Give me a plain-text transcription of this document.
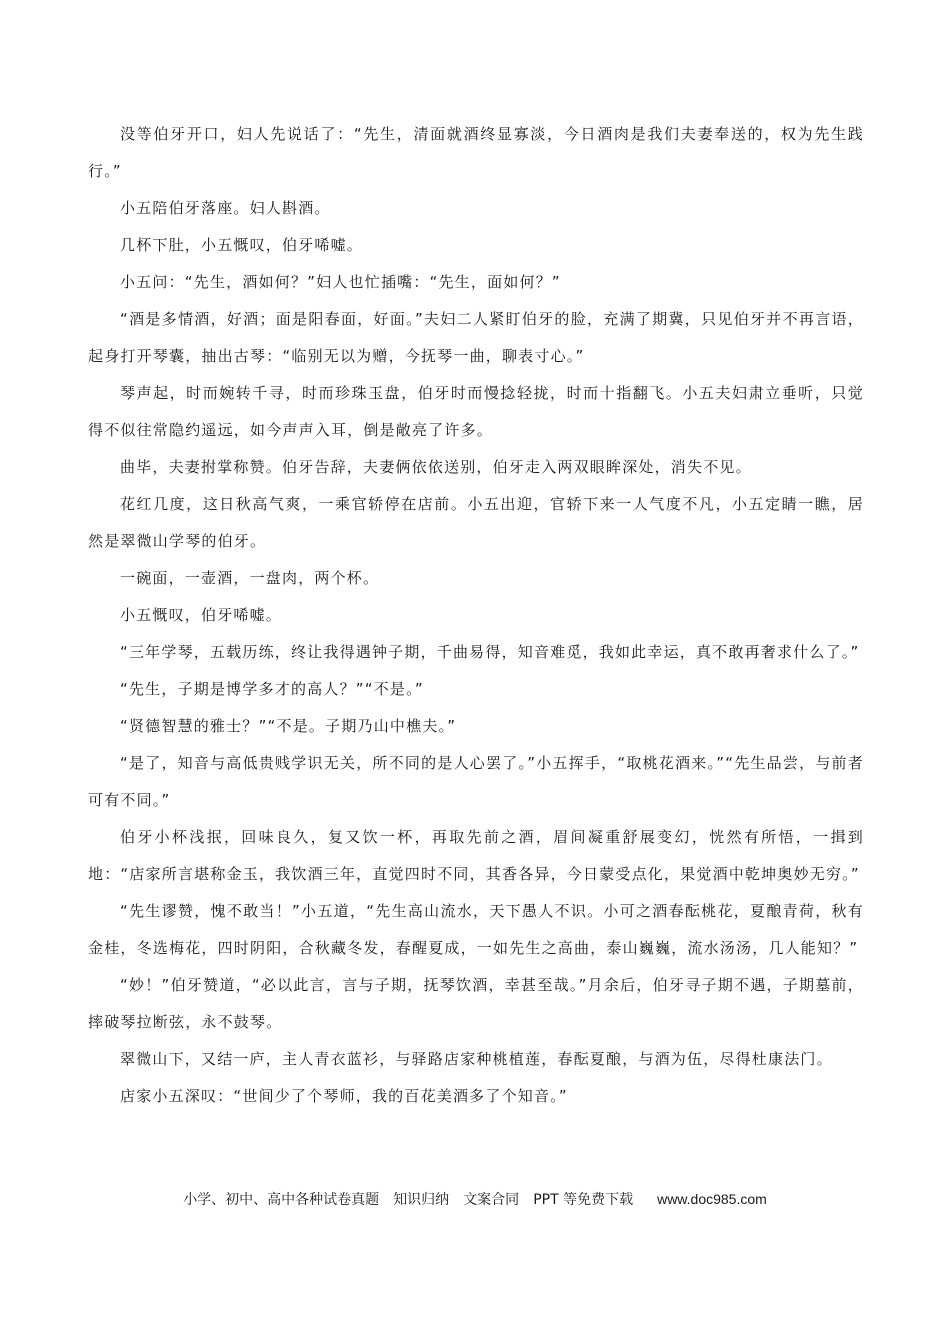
没等伯牙开口，妇人先说话了：“先生，清面就酒终显寡淡，今日酒肉是我们夫妻奉送的，权为先生践行。”

小五陪伯牙落座。妇人斟酒。

几杯下肚，小五慨叹，伯牙唏嘘。

小五问：“先生，酒如何？”妇人也忙插嘴：“先生，面如何？”

“酒是多情酒，好酒；面是阳春面，好面。”夫妇二人紧盯伯牙的脸，充满了期冀，只见伯牙并不再言语，起身打开琴囊，抽出古琴：“临别无以为赠，今抚琴一曲，聊表寸心。”

琴声起，时而婉转千寻，时而珍珠玉盘，伯牙时而慢捻轻拢，时而十指翻飞。小五夫妇肃立垂听，只觉得不似往常隐约遥远，如今声声入耳，倒是敞亮了许多。

曲毕，夫妻拊掌称赞。伯牙告辞，夫妻俩依依送别，伯牙走入两双眼眸深处，消失不见。

花红几度，这日秋高气爽，一乘官轿停在店前。小五出迎，官轿下来一人气度不凡，小五定睛一瞧，居然是翠微山学琴的伯牙。

一碗面，一壶酒，一盘肉，两个杯。

小五慨叹，伯牙唏嘘。

“三年学琴，五载历练，终让我得遇钟子期，千曲易得，知音难觅，我如此幸运，真不敢再奢求什么了。”

“先生，子期是博学多才的高人？”“不是。”

“贤德智慧的雅士？”“不是。子期乃山中樵夫。”

“是了，知音与高低贵贱学识无关，所不同的是人心罢了。”小五挥手，“取桃花酒来。”“先生品尝，与前者可有不同。”

伯牙小杯浅抿，回味良久，复又饮一杯，再取先前之酒，眉间凝重舒展变幻，恍然有所悟，一揖到地：“店家所言堪称金玉，我饮酒三年，直觉四时不同，其香各异，今日蒙受点化，果觉酒中乾坤奥妙无穷。”

“先生谬赞，愧不敢当！”小五道，“先生高山流水，天下愚人不识。小可之酒春酝桃花，夏酿青荷，秋有金桂，冬选梅花，四时阴阳，合秋藏冬发，春醒夏成，一如先生之高曲，泰山巍巍，流水汤汤，几人能知？”

“妙！”伯牙赞道，“必以此言，言与子期，抚琴饮酒，幸甚至哉。”月余后，伯牙寻子期不遇，子期墓前，摔破琴拉断弦，永不鼓琴。

翠微山下，又结一庐，主人青衣蓝衫，与驿路店家种桃植莲，春酝夏酿，与酒为伍，尽得杜康法门。

店家小五深叹：“世间少了个琴师，我的百花美酒多了个知音。”

小学、初中、高中各种试卷真题 知识归纳 文案合同 PPT 等免费下载 www.doc985.com
